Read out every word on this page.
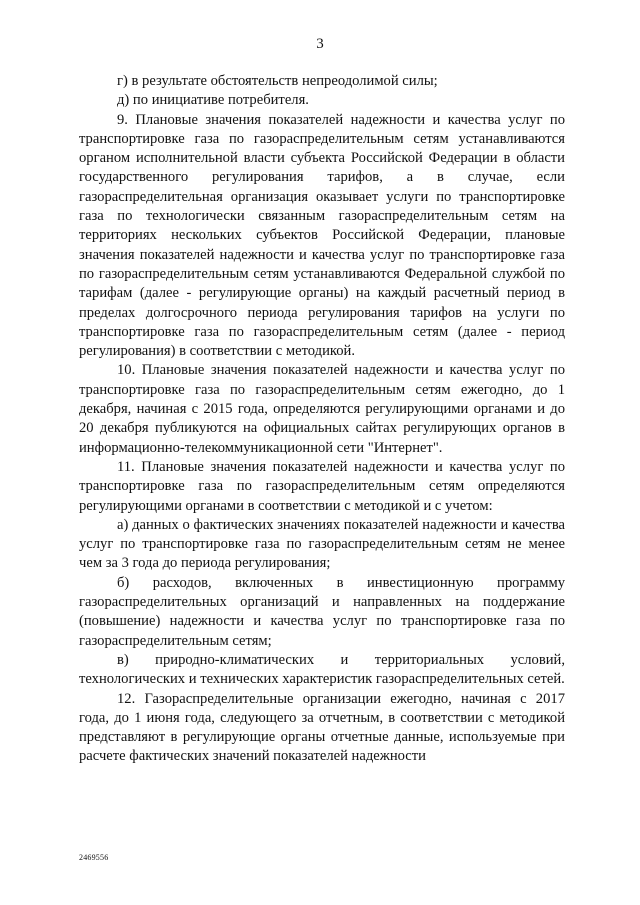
3

г) в результате обстоятельств непреодолимой силы;

д) по инициативе потребителя.

9. Плановые значения показателей надежности и качества услуг по транспортировке газа по газораспределительным сетям устанавливаются органом исполнительной власти субъекта Российской Федерации в области государственного регулирования тарифов, а в случае, если газораспределительная организация оказывает услуги по транспортировке газа по технологически связанным газораспределительным сетям на территориях нескольких субъектов Российской Федерации, плановые значения показателей надежности и качества услуг по транспортировке газа по газораспределительным сетям устанавливаются Федеральной службой по тарифам (далее - регулирующие органы) на каждый расчетный период в пределах долгосрочного периода регулирования тарифов на услуги по транспортировке газа по газораспределительным сетям (далее - период регулирования) в соответствии с методикой.

10. Плановые значения показателей надежности и качества услуг по транспортировке газа по газораспределительным сетям ежегодно, до 1 декабря, начиная с 2015 года, определяются регулирующими органами и до 20 декабря публикуются на официальных сайтах регулирующих органов в информационно-телекоммуникационной сети "Интернет".

11. Плановые значения показателей надежности и качества услуг по транспортировке газа по газораспределительным сетям определяются регулирующими органами в соответствии с методикой и с учетом:

а) данных о фактических значениях показателей надежности и качества услуг по транспортировке газа по газораспределительным сетям не менее чем за 3 года до периода регулирования;

б) расходов, включенных в инвестиционную программу газораспределительных организаций и направленных на поддержание (повышение) надежности и качества услуг по транспортировке газа по газораспределительным сетям;

в) природно-климатических и территориальных условий, технологических и технических характеристик газораспределительных сетей.

12. Газораспределительные организации ежегодно, начиная с 2017 года, до 1 июня года, следующего за отчетным, в соответствии с методикой представляют в регулирующие органы отчетные данные, используемые при расчете фактических значений показателей надежности

2469556
